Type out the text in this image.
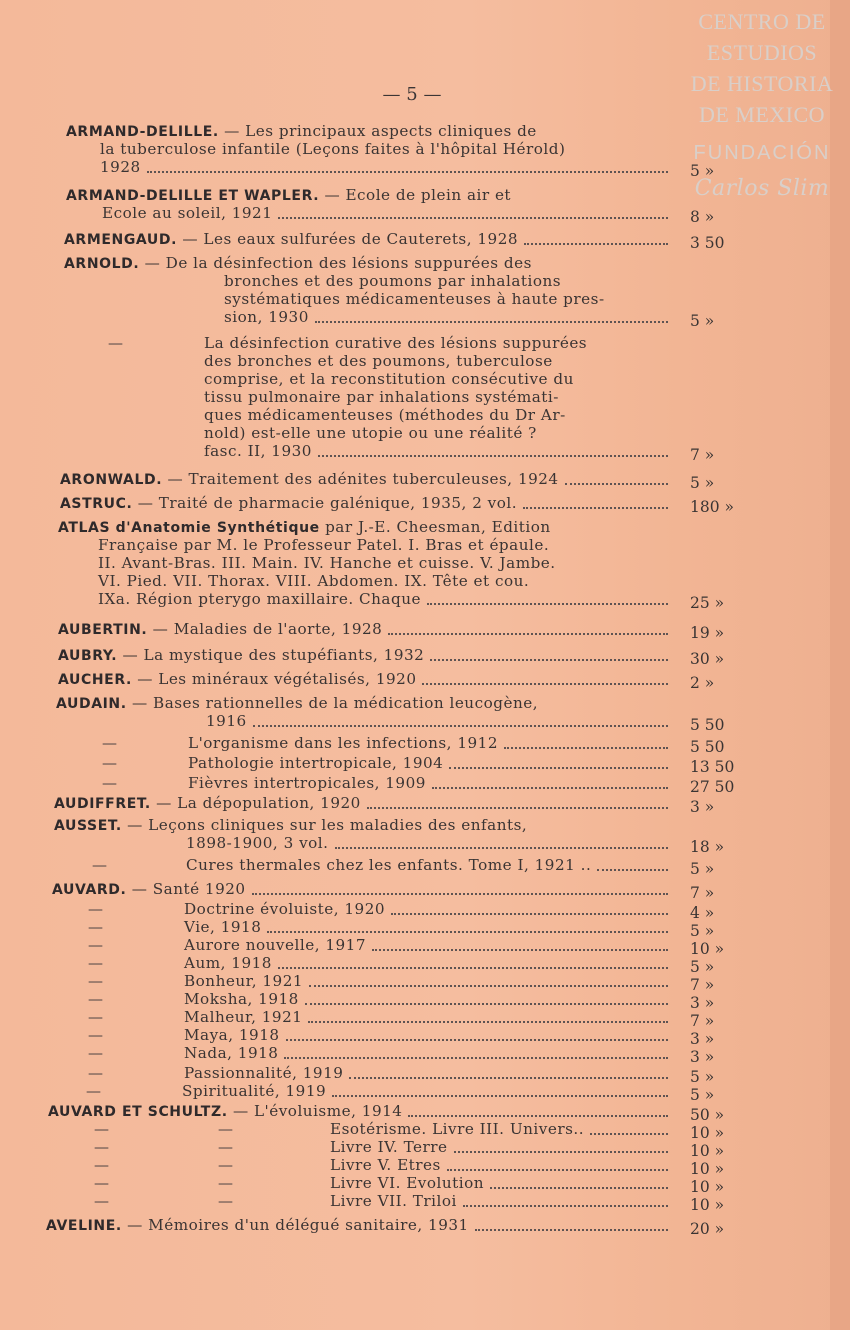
CENTRO DE
ESTUDIOS
DE HISTORIA
DE MEXICO
FUNDACIÓN
Carlos Slim
— 5 —
ARMAND-DELILLE. — Les principaux aspects cliniques de
la tuberculose infantile (Leçons faites à l'hôpital Hérold)
1928	5 »
ARMAND-DELILLE ET WAPLER. — Ecole de plein air et
Ecole au soleil, 1921	8 »
ARMENGAUD. — Les eaux sulfurées de Cauterets, 1928	3 50
ARNOLD. — De la désinfection des lésions suppurées des
bronches et des poumons par inhalations
systématiques médicamenteuses à haute pres-
sion, 1930	5 »
—	La désinfection curative des lésions suppurées
des bronches et des poumons, tuberculose
comprise, et la reconstitution consécutive du
tissu pulmonaire par inhalations systémati-
ques médicamenteuses (méthodes du Dr Ar-
nold) est-elle une utopie ou une réalité ?
fasc. II, 1930	7 »
ARONWALD. — Traitement des adénites tuberculeuses, 1924	5 »
ASTRUC. — Traité de pharmacie galénique, 1935, 2 vol.	180 »
ATLAS d'Anatomie Synthétique par J.-E. Cheesman, Edition
Française par M. le Professeur Patel. I. Bras et épaule.
II. Avant-Bras. III. Main. IV. Hanche et cuisse. V. Jambe.
VI. Pied. VII. Thorax. VIII. Abdomen. IX. Tête et cou.
IXa. Région pterygo maxillaire. Chaque	25 »
AUBERTIN. — Maladies de l'aorte, 1928	19 »
AUBRY. — La mystique des stupéfiants, 1932	30 »
AUCHER. — Les minéraux végétalisés, 1920	2 »
AUDAIN. — Bases rationnelles de la médication leucogène,
1916	5 50
—	L'organisme dans les infections, 1912	5 50
—	Pathologie intertropicale, 1904	13 50
—	Fièvres intertropicales, 1909	27 50
AUDIFFRET. — La dépopulation, 1920	3 »
AUSSET. — Leçons cliniques sur les maladies des enfants,
1898-1900, 3 vol.	18 »
—	Cures thermales chez les enfants. Tome I, 1921 ..	5 »
AUVARD. — Santé 1920	7 »
—	Doctrine évoluiste, 1920	4 »
—	Vie, 1918	5 »
—	Aurore nouvelle, 1917	10 »
—	Aum, 1918	5 »
—	Bonheur, 1921	7 »
—	Moksha, 1918	3 »
—	Malheur, 1921	7 »
—	Maya, 1918	3 »
—	Nada, 1918	3 »
—	Passionnalité, 1919	5 »
—	Spiritualité, 1919	5 »
AUVARD ET SCHULTZ. — L'évoluisme, 1914	50 »
—	—	Esotérisme. Livre III. Univers..	10 »
—	—	Livre IV. Terre	10 »
—	—	Livre V. Etres	10 »
—	—	Livre VI. Evolution	10 »
—	—	Livre VII. Triloi	10 »
AVELINE. — Mémoires d'un délégué sanitaire, 1931	20 »
